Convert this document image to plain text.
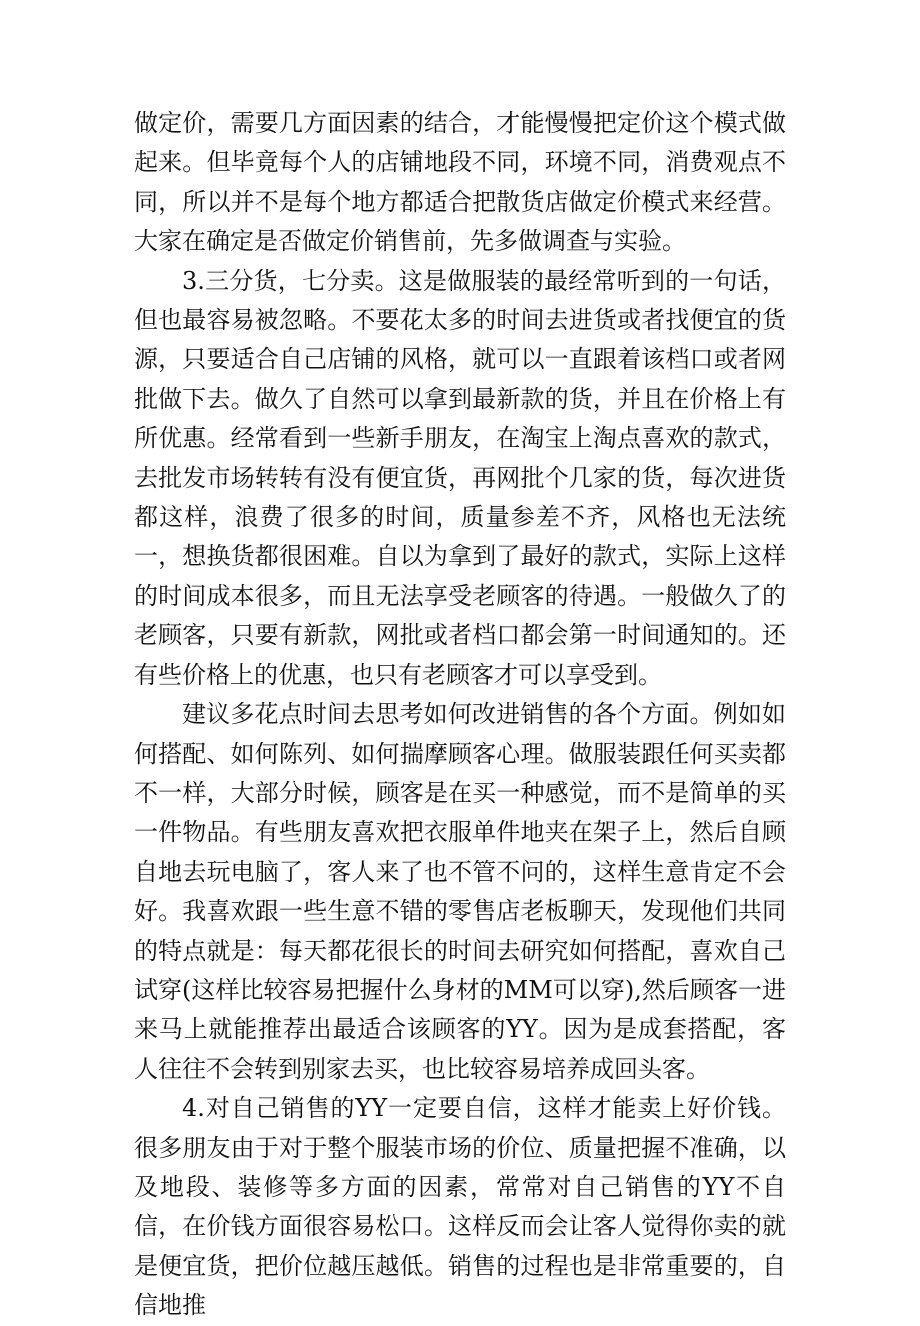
做定价，需要几方面因素的结合，才能慢慢把定价这个模式做起来。但毕竟每个人的店铺地段不同，环境不同，消费观点不同，所以并不是每个地方都适合把散货店做定价模式来经营。大家在确定是否做定价销售前，先多做调查与实验。

3.三分货，七分卖。这是做服装的最经常听到的一句话，但也最容易被忽略。不要花太多的时间去进货或者找便宜的货源，只要适合自己店铺的风格，就可以一直跟着该档口或者网批做下去。做久了自然可以拿到最新款的货，并且在价格上有所优惠。经常看到一些新手朋友，在淘宝上淘点喜欢的款式，去批发市场转转有没有便宜货，再网批个几家的货，每次进货都这样，浪费了很多的时间，质量参差不齐，风格也无法统一，想换货都很困难。自以为拿到了最好的款式，实际上这样的时间成本很多，而且无法享受老顾客的待遇。一般做久了的老顾客，只要有新款，网批或者档口都会第一时间通知的。还有些价格上的优惠，也只有老顾客才可以享受到。

建议多花点时间去思考如何改进销售的各个方面。例如如何搭配、如何陈列、如何揣摩顾客心理。做服装跟任何买卖都不一样，大部分时候，顾客是在买一种感觉，而不是简单的买一件物品。有些朋友喜欢把衣服单件地夹在架子上，然后自顾自地去玩电脑了，客人来了也不管不问的，这样生意肯定不会好。我喜欢跟一些生意不错的零售店老板聊天，发现他们共同的特点就是：每天都花很长的时间去研究如何搭配，喜欢自己试穿(这样比较容易把握什么身材的MM可以穿),然后顾客一进来马上就能推荐出最适合该顾客的YY。因为是成套搭配，客人往往不会转到别家去买，也比较容易培养成回头客。

4.对自己销售的YY一定要自信，这样才能卖上好价钱。很多朋友由于对于整个服装市场的价位、质量把握不准确，以及地段、装修等多方面的因素，常常对自己销售的YY不自信，在价钱方面很容易松口。这样反而会让客人觉得你卖的就是便宜货，把价位越压越低。销售的过程也是非常重要的，自信地推
